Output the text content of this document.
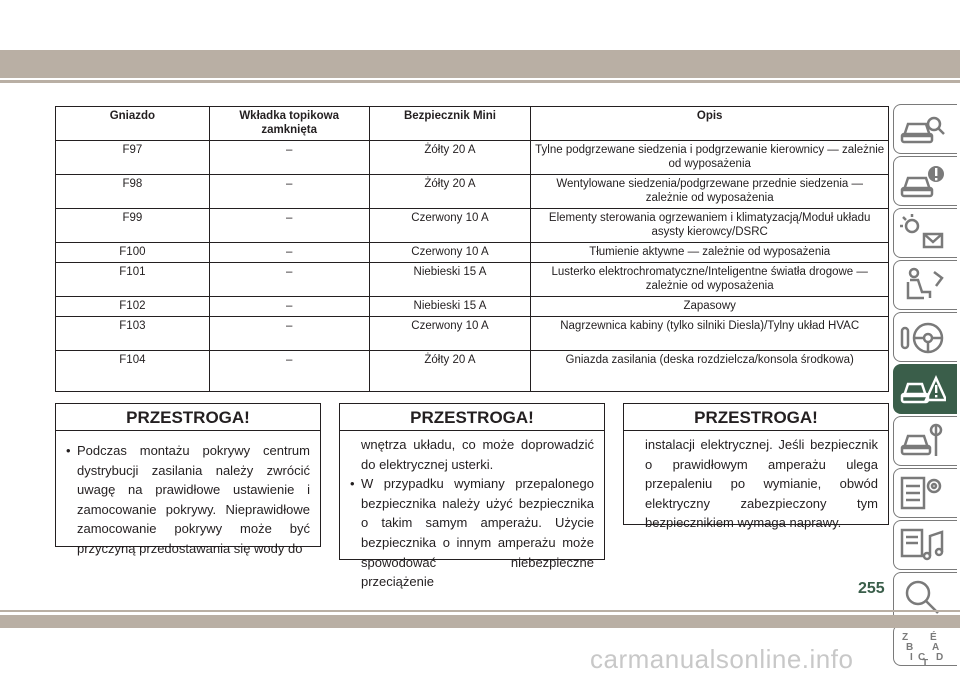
Gniazdo	Wkładka topikowa zamknięta	Bezpiecznik Mini	Opis
F97	–	Żółty 20 A	Tylne podgrzewane siedzenia i podgrzewanie kierownicy — zależnie od wyposażenia
F98	–	Żółty 20 A	Wentylowane siedzenia/podgrzewane przednie siedzenia — zależnie od wyposażenia
F99	–	Czerwony 10 A	Elementy sterowania ogrzewaniem i klimatyzacją/Moduł układu asysty kierowcy/DSRC
F100	–	Czerwony 10 A	Tłumienie aktywne — zależnie od wyposażenia
F101	–	Niebieski 15 A	Lusterko elektrochromatyczne/Inteligentne światła drogowe — zależnie od wyposażenia
F102	–	Niebieski 15 A	Zapasowy
F103	–	Czerwony 10 A	Nagrzewnica kabiny (tylko silniki Diesla)/Tylny układ HVAC
F104	–	Żółty 20 A	Gniazda zasilania (deska rozdzielcza/konsola środkowa)
PRZESTROGA!
• Podczas montażu pokrywy centrum dystrybucji zasilania należy zwrócić uwagę na prawidłowe ustawienie i zamocowanie pokrywy. Nieprawidłowe zamocowanie pokrywy może być przyczyną przedostawania się wody do
PRZESTROGA!

wnętrza układu, co może doprowadzić do elektrycznej usterki.

• W przypadku wymiany przepalonego bezpiecznika należy użyć bezpiecznika o takim samym amperażu. Użycie bezpiecznika o innym amperażu może spowodować niebezpieczne przeciążenie
PRZESTROGA!

instalacji elektrycznej. Jeśli bezpiecznik o prawidłowym amperażu ulega przepaleniu po wymianie, obwód elektryczny zabezpieczony tym bezpiecznikiem wymaga naprawy.

Z É
B A
I C D
T
255
carmanualsonline.info
